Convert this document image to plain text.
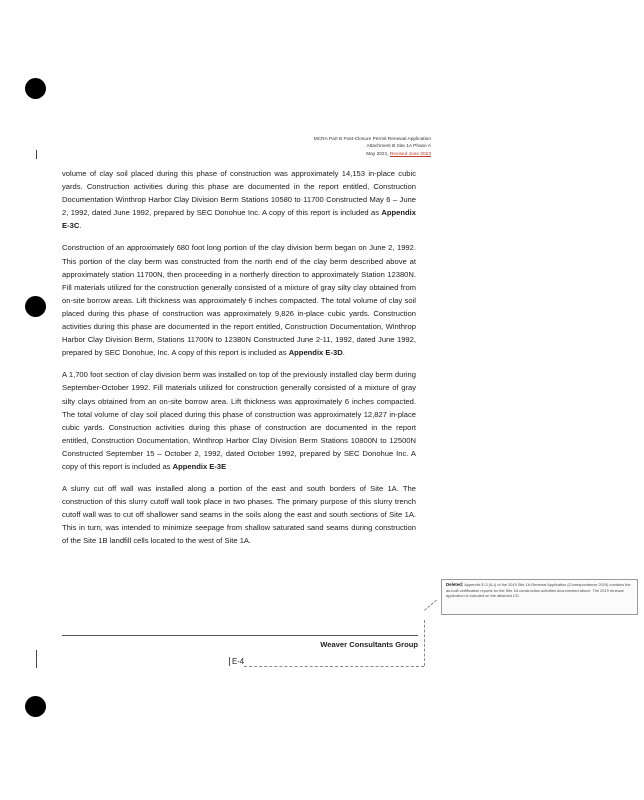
MCRA Part B Post-Closure Permit Renewal Application
Attachment B Site 1A Phase A
May 2021, Revised June 2023

volume of clay soil placed during this phase of construction was approximately 14,153 in-place cubic yards. Construction activities during this phase are documented in the report entitled, Construction Documentation Winthrop Harbor Clay Division Berm Stations 10580 to 11700 Constructed May 6 – June 2, 1992, dated June 1992, prepared by SEC Donohue Inc. A copy of this report is included as Appendix E-3C.

Construction of an approximately 680 foot long portion of the clay division berm began on June 2, 1992. This portion of the clay berm was constructed from the north end of the clay berm described above at approximately station 11700N, then proceeding in a northerly direction to approximately Station 12380N. Fill materials utilized for the construction generally consisted of a mixture of gray silty clay obtained from on-site borrow areas. Lift thickness was approximately 6 inches compacted. The total volume of clay soil placed during this phase of construction was approximately 9,826 in-place cubic yards. Construction activities during this phase are documented in the report entitled, Construction Documentation, Winthrop Harbor Clay Division Berm, Stations 11700N to 12380N Constructed June 2-11, 1992, dated June 1992, prepared by SEC Donohue, Inc. A copy of this report is included as Appendix E-3D.

A 1,700 foot section of clay division berm was installed on top of the previously installed clay berm during September-October 1992. Fill materials utilized for construction generally consisted of a mixture of gray silty clays obtained from an on-site borrow area. Lift thickness was approximately 6 inches compacted. The total volume of clay soil placed during this phase of construction was approximately 12,827 in-place cubic yards. Construction activities during this phase of construction are documented in the report entitled, Construction Documentation, Winthrop Harbor Clay Division Berm Stations 10800N to 12500N Constructed September 15 – October 2, 1992, dated October 1992, prepared by SEC Donohue Inc. A copy of this report is included as Appendix E-3E

A slurry cut off wall was installed along a portion of the east and south borders of Site 1A. The construction of this slurry cutoff wall took place in two phases. The primary purpose of this slurry trench cutoff wall was to cut off shallower sand seams in the soils along the east and south sections of Site 1A. This in turn, was intended to minimize seepage from shallow saturated sand seams during construction of the Site 1B landfill cells located to the west of Site 1A.

Deleted: Appendix E-3 (A-I) of the 2019 Site 1A Renewal Application (Correspondence 2019) contains the as-built certification reports for the Site 1A construction activities documented above. The 2019 renewal application is included on the attached CD.
Weaver Consultants Group
E-4
